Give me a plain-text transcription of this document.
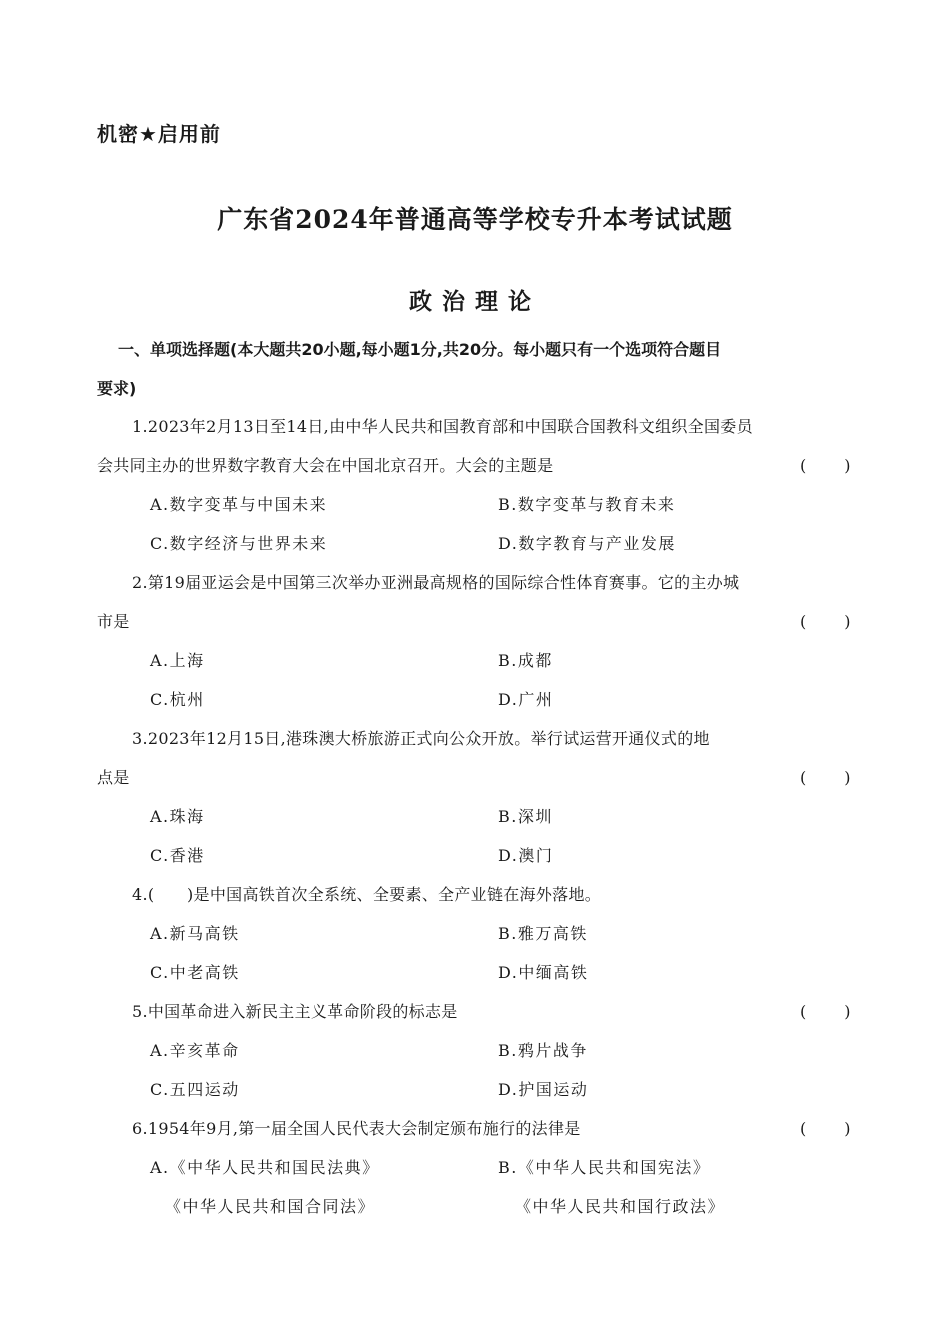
机密★启用前
广东省2024年普通高等学校专升本考试试题
政治理论
一、单项选择题(本大题共20小题,每小题1分,共20分。每小题只有一个选项符合题目
要求)
1.2023年2月13日至14日,由中华人民共和国教育部和中国联合国教科文组织全国委员
会共同主办的世界数字教育大会在中国北京召开。大会的主题是	(　　)
A.数字变革与中国未来	B.数字变革与教育未来
C.数字经济与世界未来	D.数字教育与产业发展
2.第19届亚运会是中国第三次举办亚洲最高规格的国际综合性体育赛事。它的主办城
市是	(　　)
A.上海	B.成都
C.杭州	D.广州
3.2023年12月15日,港珠澳大桥旅游正式向公众开放。举行试运营开通仪式的地
点是	(　　)
A.珠海	B.深圳
C.香港	D.澳门
4.(　　)是中国高铁首次全系统、全要素、全产业链在海外落地。
A.新马高铁	B.雅万高铁
C.中老高铁	D.中缅高铁
5.中国革命进入新民主主义革命阶段的标志是	(　　)
A.辛亥革命	B.鸦片战争
C.五四运动	D.护国运动
6.1954年9月,第一届全国人民代表大会制定颁布施行的法律是	(　　)
A.《中华人民共和国民法典》	B.《中华人民共和国宪法》
《中华人民共和国合同法》	《中华人民共和国行政法》
